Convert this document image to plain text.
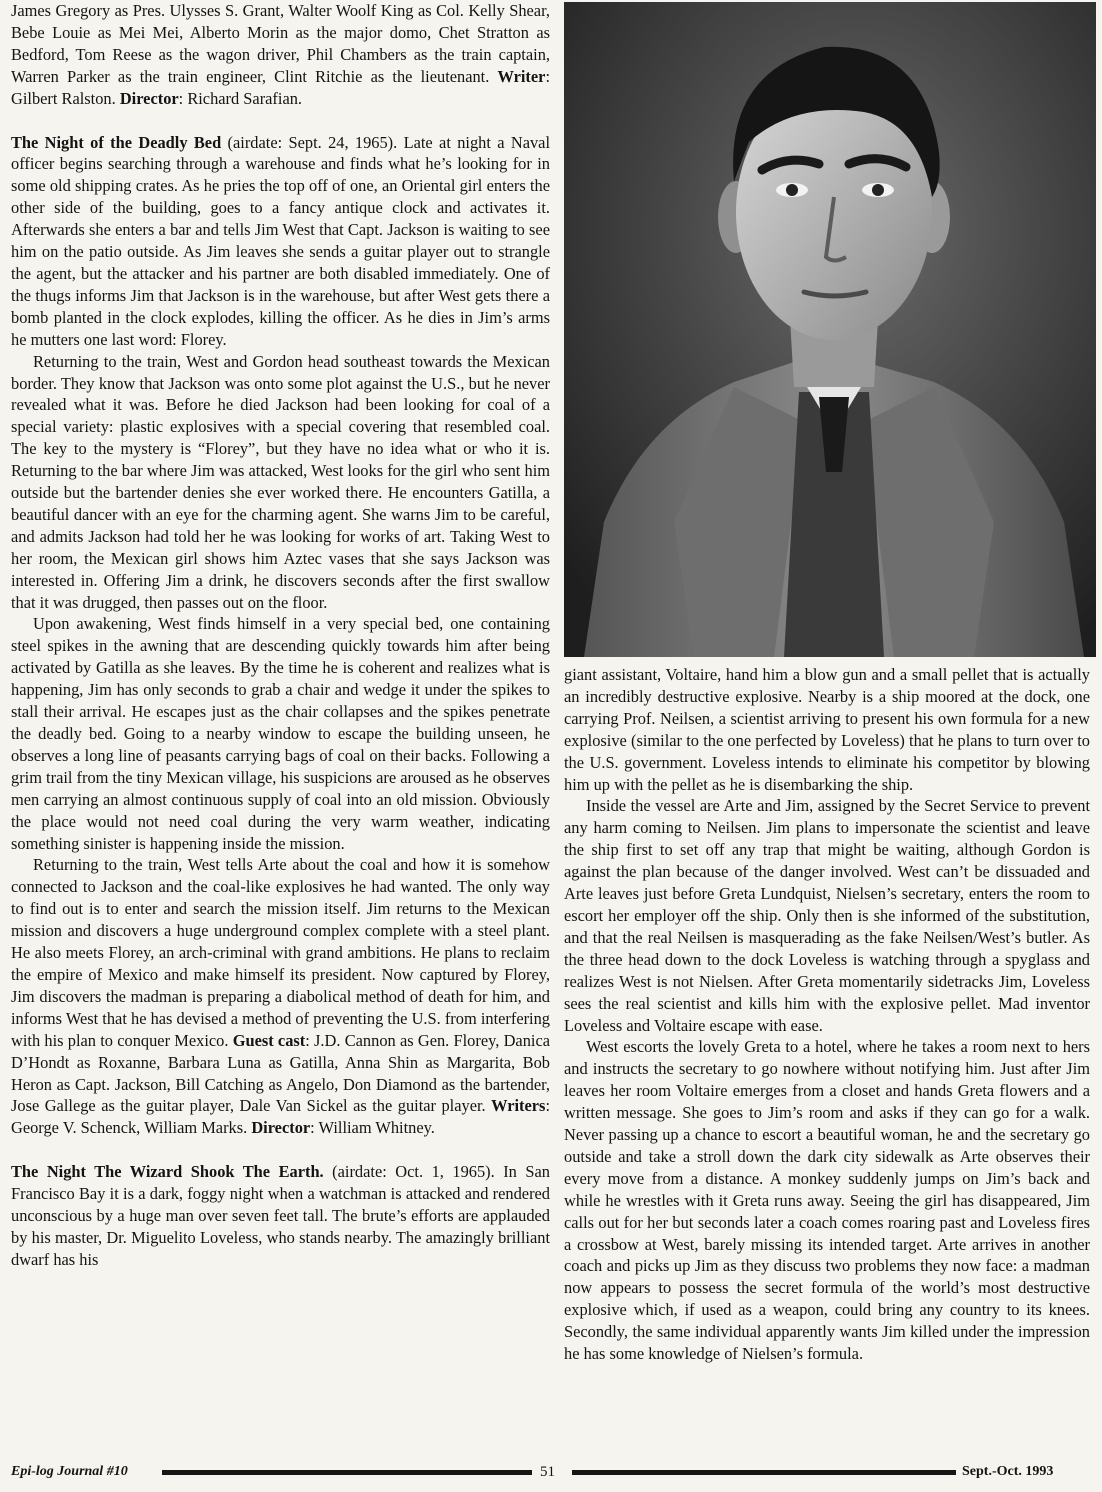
James Gregory as Pres. Ulysses S. Grant, Walter Woolf King as Col. Kelly Shear, Bebe Louie as Mei Mei, Alberto Morin as the major domo, Chet Stratton as Bedford, Tom Reese as the wagon driver, Phil Chambers as the train captain, Warren Parker as the train engineer, Clint Ritchie as the lieutenant. Writer: Gilbert Ralston. Director: Richard Sarafian.

The Night of the Deadly Bed (airdate: Sept. 24, 1965). Late at night a Naval officer begins searching through a warehouse and finds what he’s looking for in some old shipping crates. As he pries the top off of one, an Oriental girl enters the other side of the building, goes to a fancy antique clock and activates it. Afterwards she enters a bar and tells Jim West that Capt. Jackson is waiting to see him on the patio outside. As Jim leaves she sends a guitar player out to strangle the agent, but the attacker and his partner are both disabled immediately. One of the thugs informs Jim that Jackson is in the warehouse, but after West gets there a bomb planted in the clock explodes, killing the officer. As he dies in Jim’s arms he mutters one last word: Florey.

Returning to the train, West and Gordon head southeast towards the Mexican border. They know that Jackson was onto some plot against the U.S., but he never revealed what it was. Before he died Jackson had been looking for coal of a special variety: plastic explosives with a special covering that resembled coal. The key to the mystery is “Florey”, but they have no idea what or who it is. Returning to the bar where Jim was attacked, West looks for the girl who sent him outside but the bartender denies she ever worked there. He encounters Gatilla, a beautiful dancer with an eye for the charming agent. She warns Jim to be careful, and admits Jackson had told her he was looking for works of art. Taking West to her room, the Mexican girl shows him Aztec vases that she says Jackson was interested in. Offering Jim a drink, he discovers seconds after the first swallow that it was drugged, then passes out on the floor.

Upon awakening, West finds himself in a very special bed, one containing steel spikes in the awning that are descending quickly towards him after being activated by Gatilla as she leaves. By the time he is coherent and realizes what is happening, Jim has only seconds to grab a chair and wedge it under the spikes to stall their arrival. He escapes just as the chair collapses and the spikes penetrate the deadly bed. Going to a nearby window to escape the building unseen, he observes a long line of peasants carrying bags of coal on their backs. Following a grim trail from the tiny Mexican village, his suspicions are aroused as he observes men carrying an almost continuous supply of coal into an old mission. Obviously the place would not need coal during the very warm weather, indicating something sinister is happening inside the mission.

Returning to the train, West tells Arte about the coal and how it is somehow connected to Jackson and the coal-like explosives he had wanted. The only way to find out is to enter and search the mission itself. Jim returns to the Mexican mission and discovers a huge underground complex complete with a steel plant. He also meets Florey, an arch-criminal with grand ambitions. He plans to reclaim the empire of Mexico and make himself its president. Now captured by Florey, Jim discovers the madman is preparing a diabolical method of death for him, and informs West that he has devised a method of preventing the U.S. from interfering with his plan to conquer Mexico. Guest cast: J.D. Cannon as Gen. Florey, Danica D’Hondt as Roxanne, Barbara Luna as Gatilla, Anna Shin as Margarita, Bob Heron as Capt. Jackson, Bill Catching as Angelo, Don Diamond as the bartender, Jose Gallege as the guitar player, Dale Van Sickel as the guitar player. Writers: George V. Schenck, William Marks. Director: William Whitney.

The Night The Wizard Shook The Earth. (airdate: Oct. 1, 1965). In San Francisco Bay it is a dark, foggy night when a watchman is attacked and rendered unconscious by a huge man over seven feet tall. The brute’s efforts are applauded by his master, Dr. Miguelito Loveless, who stands nearby. The amazingly brilliant dwarf has his

giant assistant, Voltaire, hand him a blow gun and a small pellet that is actually an incredibly destructive explosive. Nearby is a ship moored at the dock, one carrying Prof. Neilsen, a scientist arriving to present his own formula for a new explosive (similar to the one perfected by Loveless) that he plans to turn over to the U.S. government. Loveless intends to eliminate his competitor by blowing him up with the pellet as he is disembarking the ship.

Inside the vessel are Arte and Jim, assigned by the Secret Service to prevent any harm coming to Neilsen. Jim plans to impersonate the scientist and leave the ship first to set off any trap that might be waiting, although Gordon is against the plan because of the danger involved. West can’t be dissuaded and Arte leaves just before Greta Lundquist, Nielsen’s secretary, enters the room to escort her employer off the ship. Only then is she informed of the substitution, and that the real Neilsen is masquerading as the fake Neilsen/West’s butler. As the three head down to the dock Loveless is watching through a spyglass and realizes West is not Nielsen. After Greta momentarily sidetracks Jim, Loveless sees the real scientist and kills him with the explosive pellet. Mad inventor Loveless and Voltaire escape with ease.

West escorts the lovely Greta to a hotel, where he takes a room next to hers and instructs the secretary to go nowhere without notifying him. Just after Jim leaves her room Voltaire emerges from a closet and hands Greta flowers and a written message. She goes to Jim’s room and asks if they can go for a walk. Never passing up a chance to escort a beautiful woman, he and the secretary go outside and take a stroll down the dark city sidewalk as Arte observes their every move from a distance. A monkey suddenly jumps on Jim’s back and while he wrestles with it Greta runs away. Seeing the girl has disappeared, Jim calls out for her but seconds later a coach comes roaring past and Loveless fires a crossbow at West, barely missing its intended target. Arte arrives in another coach and picks up Jim as they discuss two problems they now face: a madman now appears to possess the secret formula of the world’s most destructive explosive which, if used as a weapon, could bring any country to its knees. Secondly, the same individual apparently wants Jim killed under the impression he has some knowledge of Nielsen’s formula.

Epi-log Journal #10	51	Sept.-Oct. 1993
